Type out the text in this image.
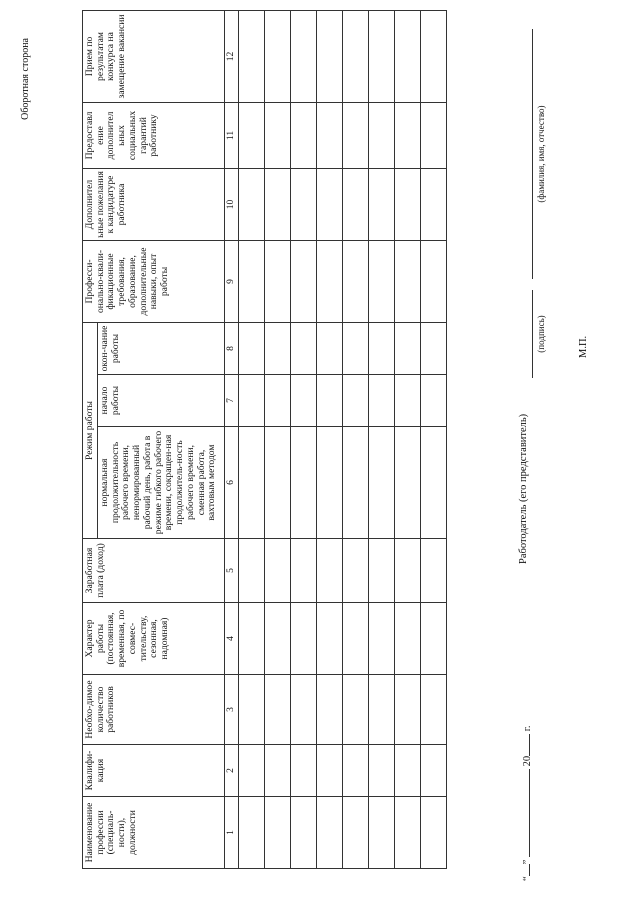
Оборотная сторона
Наименование профессии (специаль-ности), должности	Квалифи-кация	Необхо-димое количество работников	Характер работы (постоянная, временная, по совмес-тительству, сезонная, надомная)	Заработная плата (доход)	Режим работы			Професси-онально-квали-фикационные требования, образование, дополнительные навыки, опыт работы	Дополнител ьные пожелания к кандидатуре работника	Предоставл ение дополнител ьных социальных гарантий работнику	Прием по результатам конкурса на замещение вакансии
					нормальная продолжительность рабочего времени, ненормированный рабочий день, работа в режиме гибкого рабочего времени, сокращен-ная продолжитель-ность рабочего времени, сменная работа, вахтовым методом	начало работы	окон-чание работы				
1	2	3	4	5	6	7	8	9	10	11	12

“”  20 г.
Работодатель (его представитель)
(подпись)
(фамилия, имя, отчество)
М.П.
